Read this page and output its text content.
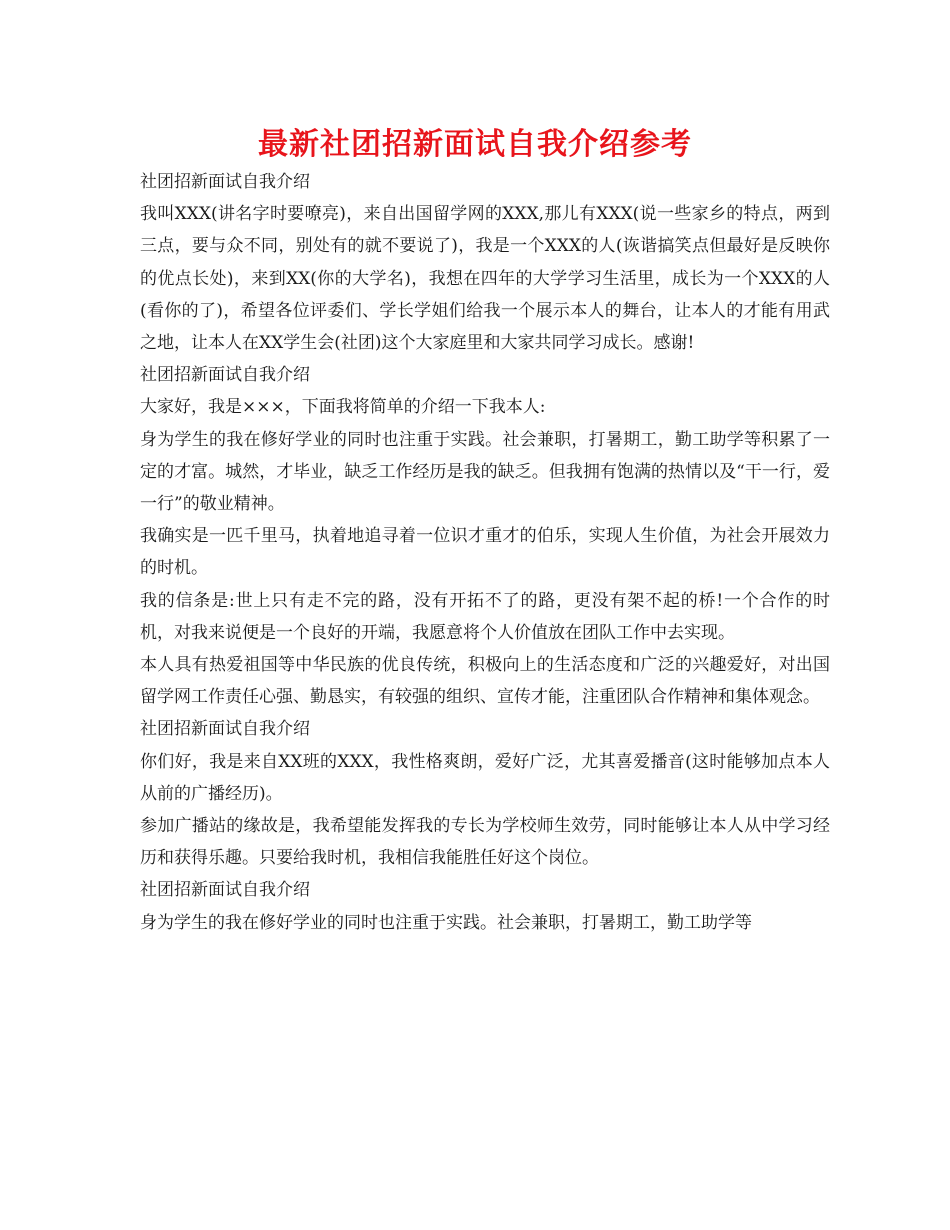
最新社团招新面试自我介绍参考

社团招新面试自我介绍

我叫XXX(讲名字时要嘹亮)，来自出国留学网的XXX,那儿有XXX(说一些家乡的特点，两到三点，要与众不同，别处有的就不要说了)，我是一个XXX的人(诙谐搞笑点但最好是反映你的优点长处)，来到XX(你的大学名)，我想在四年的大学学习生活里，成长为一个XXX的人(看你的了)，希望各位评委们、学长学姐们给我一个展示本人的舞台，让本人的才能有用武之地，让本人在XX学生会(社团)这个大家庭里和大家共同学习成长。感谢!

社团招新面试自我介绍

大家好，我是×××，下面我将简单的介绍一下我本人:

身为学生的我在修好学业的同时也注重于实践。社会兼职，打暑期工，勤工助学等积累了一定的才富。城然，才毕业，缺乏工作经历是我的缺乏。但我拥有饱满的热情以及“干一行，爱一行”的敬业精神。

我确实是一匹千里马，执着地追寻着一位识才重才的伯乐，实现人生价值，为社会开展效力的时机。

我的信条是:世上只有走不完的路，没有开拓不了的路，更没有架不起的桥!一个合作的时机，对我来说便是一个良好的开端，我愿意将个人价值放在团队工作中去实现。

本人具有热爱祖国等中华民族的优良传统，积极向上的生活态度和广泛的兴趣爱好，对出国留学网工作责任心强、勤恳实，有较强的组织、宣传才能，注重团队合作精神和集体观念。

社团招新面试自我介绍

你们好，我是来自XX班的XXX，我性格爽朗，爱好广泛，尤其喜爱播音(这时能够加点本人从前的广播经历)。

参加广播站的缘故是，我希望能发挥我的专长为学校师生效劳，同时能够让本人从中学习经历和获得乐趣。只要给我时机，我相信我能胜任好这个岗位。

社团招新面试自我介绍

身为学生的我在修好学业的同时也注重于实践。社会兼职，打暑期工，勤工助学等
